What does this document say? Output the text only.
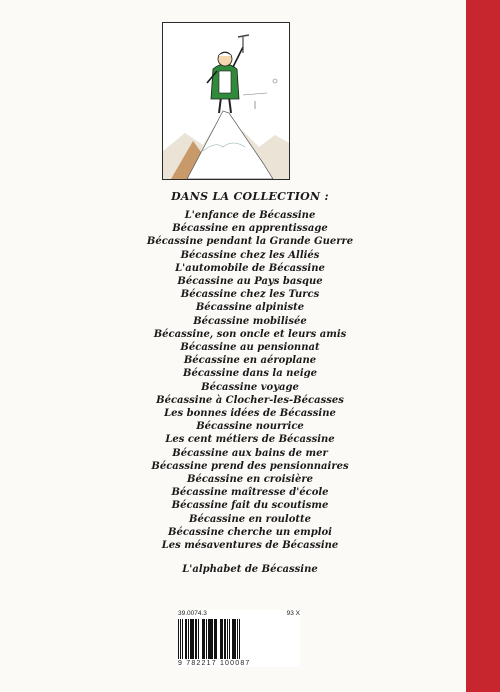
DANS LA COLLECTION :
L'enfance de Bécassine
Bécassine en apprentissage
Bécassine pendant la Grande Guerre
Bécassine chez les Alliés
L'automobile de Bécassine
Bécassine au Pays basque
Bécassine chez les Turcs
Bécassine alpiniste
Bécassine mobilisée
Bécassine, son oncle et leurs amis
Bécassine au pensionnat
Bécassine en aéroplane
Bécassine dans la neige
Bécassine voyage
Bécassine à Clocher-les-Bécasses
Les bonnes idées de Bécassine
Bécassine nourrice
Les cent métiers de Bécassine
Bécassine aux bains de mer
Bécassine prend des pensionnaires
Bécassine en croisière
Bécassine maîtresse d'école
Bécassine fait du scoutisme
Bécassine en roulotte
Bécassine cherche un emploi
Les mésaventures de Bécassine
L'alphabet de Bécassine
39.0074.3	93 X
9 782217 100087
